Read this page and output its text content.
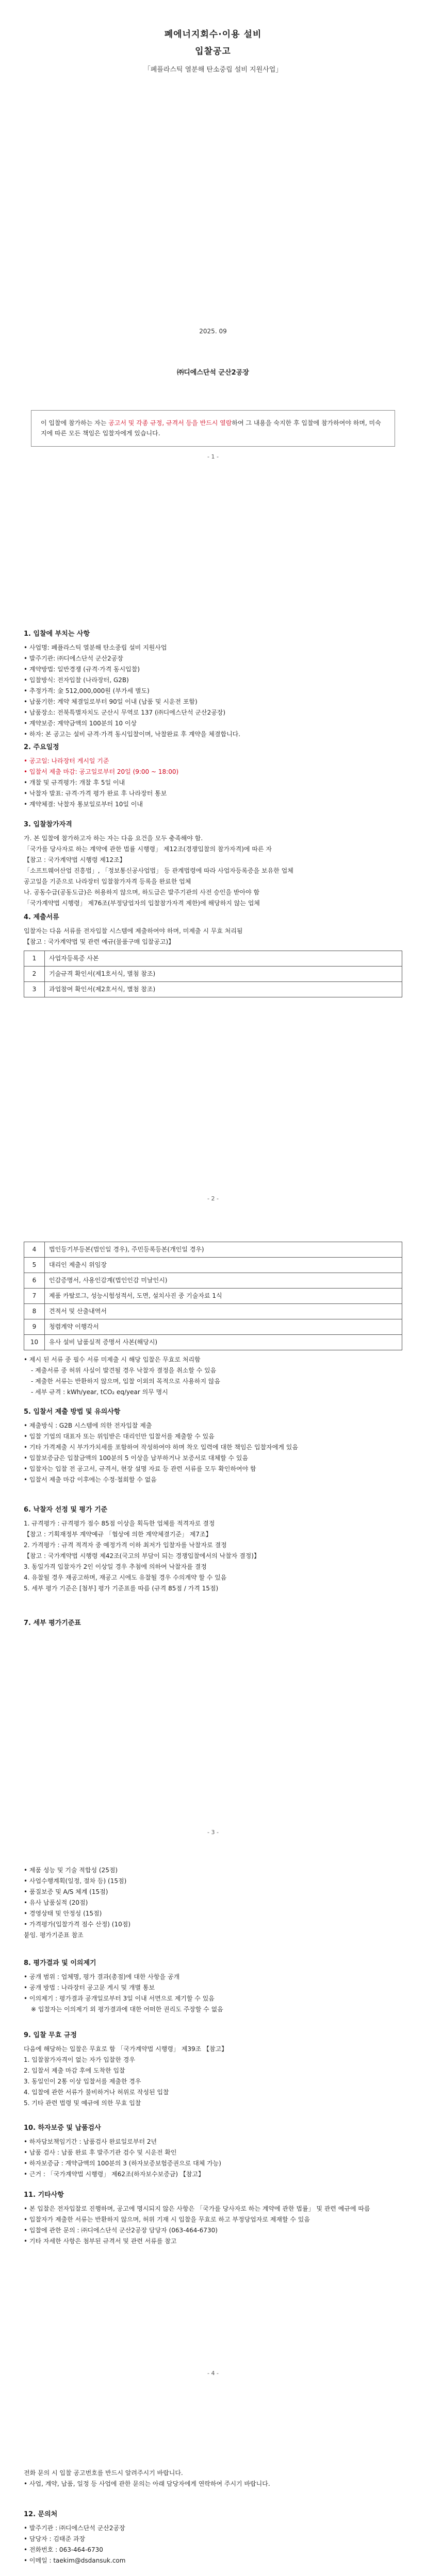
폐에너지회수·이용 설비
입찰공고
「폐플라스틱 열분해 탄소중립 설비 지원사업」
2025. 09
㈜디에스단석 군산2공장
이 입찰에 참가하는 자는 공고서 및 각종 규정, 규격서 등을 반드시 열람하여 그 내용을 숙지한 후 입찰에 참가하여야 하며, 미숙지에 따른 모든 책임은 입찰자에게 있습니다.
- 1 -
1. 입찰에 부치는 사항

• 사업명: 폐플라스틱 열분해 탄소중립 설비 지원사업

• 발주기관: ㈜디에스단석 군산2공장

• 계약방법: 일반경쟁 (규격·가격 동시입찰)

• 입찰방식: 전자입찰 (나라장터, G2B)

• 추정가격: 金 512,000,000원 (부가세 별도)

• 납품기한: 계약 체결일로부터 90일 이내 (납품 및 시운전 포함)

• 납품장소: 전북특별자치도 군산시 무역로 137 (㈜디에스단석 군산2공장)

• 계약보증: 계약금액의 100분의 10 이상

• 하자: 본 공고는 설비 규격·가격 동시입찰이며, 낙찰완료 후 계약을 체결합니다.

2. 주요일정

• 공고일: 나라장터 게시일 기준

• 입찰서 제출 마감: 공고일로부터 20일 (9:00 ~ 18:00)

• 개찰 및 규격평가: 개찰 후 5일 이내

• 낙찰자 발표: 규격·가격 평가 완료 후 나라장터 통보

• 계약체결: 낙찰자 통보일로부터 10일 이내

3. 입찰참가자격

가. 본 입찰에 참가하고자 하는 자는 다음 요건을 모두 충족해야 함.

「국가를 당사자로 하는 계약에 관한 법률 시행령」 제12조(경쟁입찰의 참가자격)에 따른 자

【참고 : 국가계약법 시행령 제12조】

「소프트웨어산업 진흥법」, 「정보통신공사업법」 등 관계법령에 따라 사업자등록증을 보유한 업체

공고일을 기준으로 나라장터 입찰참가자격 등록을 완료한 업체

나. 공동수급(공동도급)은 허용하지 않으며, 하도급은 발주기관의 사전 승인을 받아야 함

「국가계약법 시행령」 제76조(부정당업자의 입찰참가자격 제한)에 해당하지 않는 업체

4. 제출서류

입찰자는 다음 서류를 전자입찰 시스템에 제출하여야 하며, 미제출 시 무효 처리됨

【참고 : 국가계약법 및 관련 예규(물품구매 입찰공고)】

1	사업자등록증 사본
2	기술규격 확인서(제1호서식, 별첨 참조)
3	과업참여 확인서(제2호서식, 별첨 참조)
- 2 -
4	법인등기부등본(법인일 경우), 주민등록등본(개인일 경우)
5	대리인 제출시 위임장
6	인감증명서, 사용인감계(법인인감 미날인시)
7	제품 카탈로그, 성능시험성적서, 도면, 설치사진 중 기술자료 1식
8	견적서 및 산출내역서
9	청렴계약 이행각서
10	유사 설비 납품실적 증명서 사본(해당시)

• 제시 된 서류 중 필수 서류 미제출 시 해당 입찰은 무효로 처리함

- 제출서류 중 허위 사실이 발견될 경우 낙찰자 결정을 취소할 수 있음

- 제출한 서류는 반환하지 않으며, 입찰 이외의 목적으로 사용하지 않음

- 세부 규격 : kWh/year, tCO₂ eq/year 의무 명시

5. 입찰서 제출 방법 및 유의사항

• 제출방식 : G2B 시스템에 의한 전자입찰 제출

• 입찰 기업의 대표자 또는 위임받은 대리인만 입찰서를 제출할 수 있음

• 기타 가격제출 시 부가가치세를 포함하여 작성하여야 하며 착오 입력에 대한 책임은 입찰자에게 있음

• 입찰보증금은 입찰금액의 100분의 5 이상을 납부하거나 보증서로 대체할 수 있음

• 입찰자는 입찰 전 공고서, 규격서, 현장 설명 자료 등 관련 서류를 모두 확인하여야 함

• 입찰서 제출 마감 이후에는 수정·철회할 수 없음

6. 낙찰자 선정 및 평가 기준

1. 규격평가 : 규격평가 점수 85점 이상을 획득한 업체를 적격자로 결정

【참고 : 기획재정부 계약예규 「협상에 의한 계약체결기준」 제7조】

2. 가격평가 : 규격 적격자 중 예정가격 이하 최저가 입찰자를 낙찰자로 결정

【참고 : 국가계약법 시행령 제42조(국고의 부담이 되는 경쟁입찰에서의 낙찰자 결정)】

3. 동일가격 입찰자가 2인 이상일 경우 추첨에 의하여 낙찰자를 결정

4. 유찰될 경우 재공고하며, 재공고 시에도 유찰될 경우 수의계약 할 수 있음

5. 세부 평가 기준은 [첨부] 평가 기준표를 따름 (규격 85점 / 가격 15점)

7. 세부 평가기준표
- 3 -

• 제품 성능 및 기술 적합성 (25점)

• 사업수행계획(일정, 절차 등) (15점)

• 품질보증 및 A/S 체계 (15점)

• 유사 납품실적 (20점)

• 경영상태 및 안정성 (15점)

• 가격평가(입찰가격 점수 산정) (10점)

붙임. 평가기준표 참조

8. 평가결과 및 이의제기

• 공개 범위 : 업체명, 평가 결과(총점)에 대한 사항을 공개

• 공개 방법 : 나라장터 공고문 게시 및 개별 통보

• 이의제기 : 평가결과 공개일로부터 3일 이내 서면으로 제기할 수 있음

※ 입찰자는 이의제기 외 평가결과에 대한 어떠한 권리도 주장할 수 없음

9. 입찰 무효 규정

다음에 해당하는 입찰은 무효로 함 「국가계약법 시행령」 제39조 【참고】

1. 입찰참가자격이 없는 자가 입찰한 경우

2. 입찰서 제출 마감 후에 도착한 입찰

3. 동일인이 2통 이상 입찰서를 제출한 경우

4. 입찰에 관한 서류가 불비하거나 허위로 작성된 입찰

5. 기타 관련 법령 및 예규에 의한 무효 입찰

10. 하자보증 및 납품검사

• 하자담보책임기간 : 납품검사 완료일로부터 2년

• 납품 검사 : 납품 완료 후 발주기관 검수 및 시운전 확인

• 하자보증금 : 계약금액의 100분의 3 (하자보증보험증권으로 대체 가능)

• 근거 : 「국가계약법 시행령」 제62조(하자보수보증금) 【참고】

11. 기타사항

• 본 입찰은 전자입찰로 진행하며, 공고에 명시되지 않은 사항은 「국가를 당사자로 하는 계약에 관한 법률」 및 관련 예규에 따름

• 입찰자가 제출한 서류는 반환하지 않으며, 허위 기재 시 입찰을 무효로 하고 부정당업자로 제재할 수 있음

• 입찰에 관한 문의 : ㈜디에스단석 군산2공장 담당자 (063-464-6730)

• 기타 자세한 사항은 첨부된 규격서 및 관련 서류를 참고

- 4 -

전화 문의 시 입찰 공고번호를 반드시 알려주시기 바랍니다.

• 사업, 계약, 납품, 일정 등 사업에 관한 문의는 아래 담당자에게 연락하여 주시기 바랍니다.

12. 문의처

• 발주기관 : ㈜디에스단석 군산2공장

• 담당자 : 김태준 과장

• 전화번호 : 063-464-6730

• 이메일 : taekim@dsdansuk.com
